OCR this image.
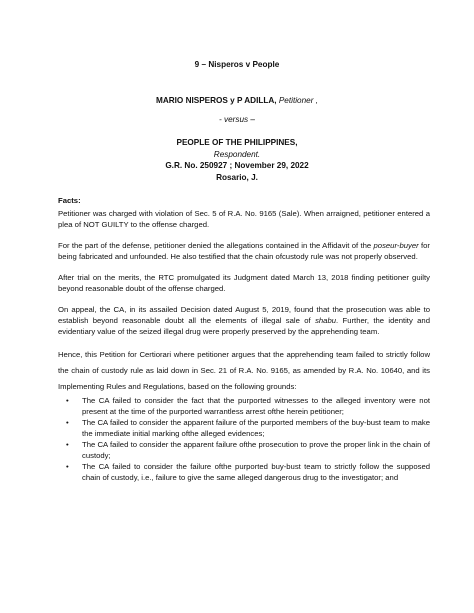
9 – Nisperos v People
MARIO NISPEROS y P ADILLA, Petitioner ,
- versus –
PEOPLE OF THE PHILIPPINES,
Respondent.
G.R. No. 250927 ; November 29, 2022
Rosario, J.

Facts:

Petitioner was charged with violation of Sec. 5 of R.A. No. 9165 (Sale). When arraigned, petitioner entered a plea of NOT GUILTY to the offense charged.

For the part of the defense, petitioner denied the allegations contained in the Affidavit of the poseur-buyer for being fabricated and unfounded. He also testified that the chain ofcustody rule was not properly observed.

After trial on the merits, the RTC promulgated its Judgment dated March 13, 2018 finding petitioner guilty beyond reasonable doubt of the offense charged.

On appeal, the CA, in its assailed Decision dated August 5, 2019, found that the prosecution was able to establish beyond reasonable doubt all the elements of illegal sale of shabu. Further, the identity and evidentiary value of the seized illegal drug were properly preserved by the apprehending team.

Hence, this Petition for Certiorari where petitioner argues that the apprehending team failed to strictly follow the chain of custody rule as laid down in Sec. 21 of R.A. No. 9165, as amended by R.A. No. 10640, and its Implementing Rules and Regulations, based on the following grounds:

• The CA failed to consider the fact that the purported witnesses to the alleged inventory were not present at the time of the purported warrantless arrest ofthe herein petitioner;
• The CA failed to consider the apparent failure of the purported members of the buy-bust team to make the immediate initial marking ofthe alleged evidences;
• The CA failed to consider the apparent failure ofthe prosecution to prove the proper link in the chain of custody;
• The CA failed to consider the failure ofthe purported buy-bust team to strictly follow the supposed chain of custody, i.e., failure to give the same alleged dangerous drug to the investigator; and
